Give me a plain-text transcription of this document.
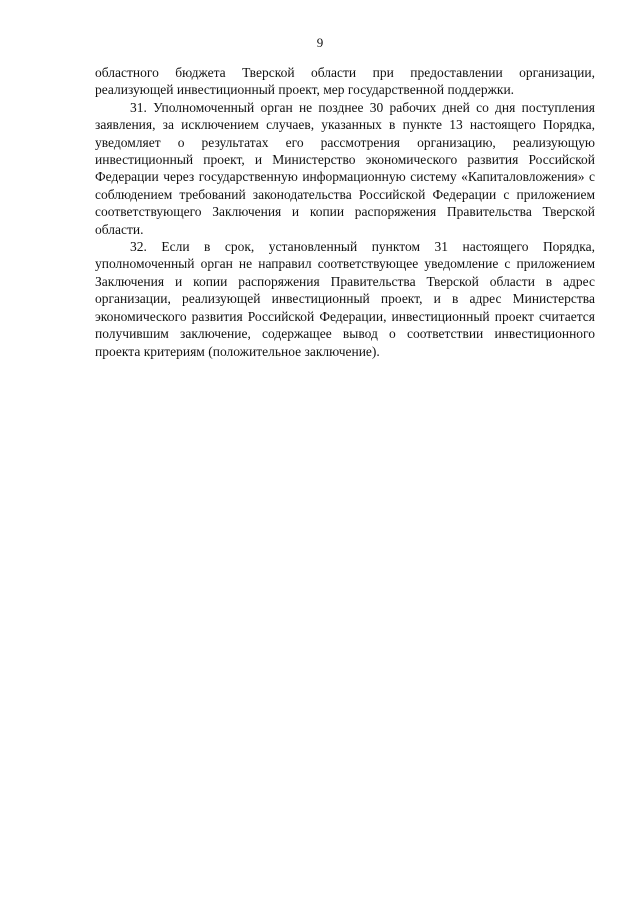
9

областного бюджета Тверской области при предоставлении организации, реализующей инвестиционный проект, мер государственной поддержки.

31. Уполномоченный орган не позднее 30 рабочих дней со дня поступления заявления, за исключением случаев, указанных в пункте 13 настоящего Порядка, уведомляет о результатах его рассмотрения организацию, реализующую инвестиционный проект, и Министерство экономического развития Российской Федерации через государственную информационную систему «Капиталовложения» с соблюдением требований законодательства Российской Федерации с приложением соответствующего Заключения и копии распоряжения Правительства Тверской области.

32. Если в срок, установленный пунктом 31 настоящего Порядка, уполномоченный орган не направил соответствующее уведомление с приложением Заключения и копии распоряжения Правительства Тверской области в адрес организации, реализующей инвестиционный проект, и в адрес Министерства экономического развития Российской Федерации, инвестиционный проект считается получившим заключение, содержащее вывод о соответствии инвестиционного проекта критериям (положительное заключение).
